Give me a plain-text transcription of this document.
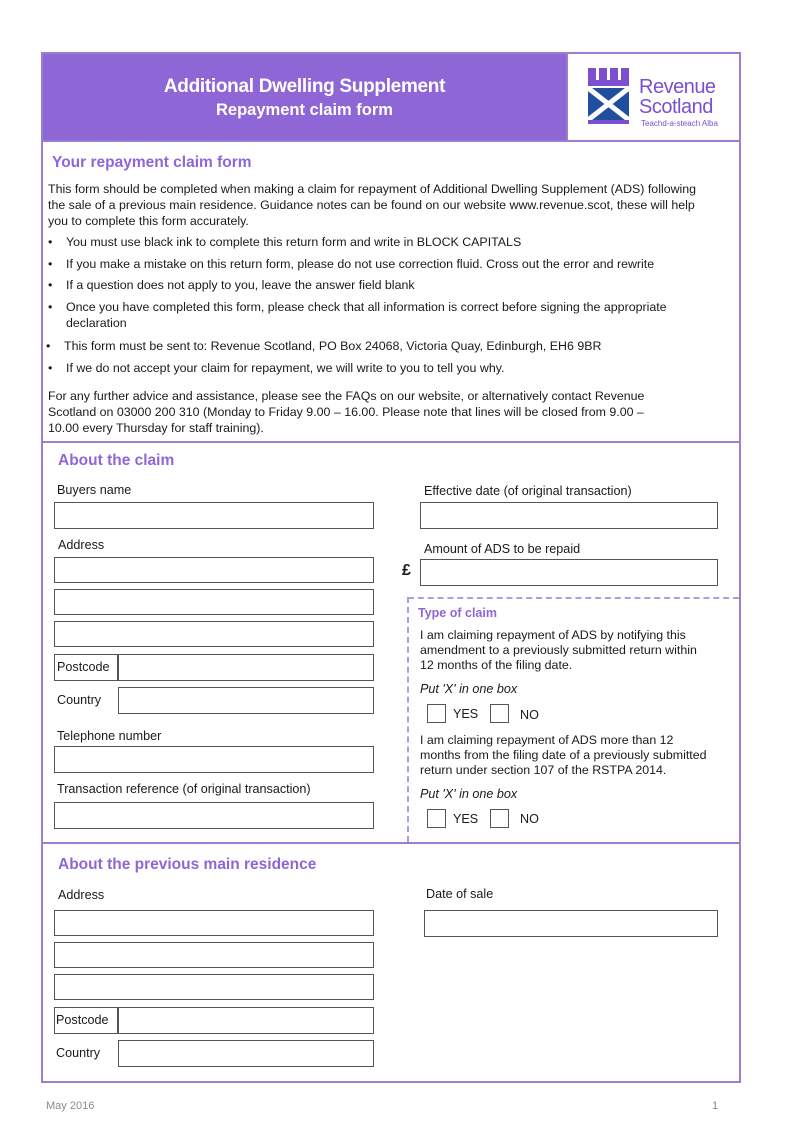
Additional Dwelling Supplement
Repayment claim form
Revenue
Scotland
Teachd-a-steach Alba
Your repayment claim form
This form should be completed when making a claim for repayment of Additional Dwelling Supplement (ADS) following
the sale of a previous main residence. Guidance notes can be found on our website www.revenue.scot, these will help
you to complete this form accurately.
• You must use black ink to complete this return form and write in BLOCK CAPITALS
• If you make a mistake on this return form, please do not use correction fluid. Cross out the error and rewrite
• If a question does not apply to you, leave the answer field blank
• Once you have completed this form, please check that all information is correct before signing the appropriate
declaration
• This form must be sent to: Revenue Scotland, PO Box 24068, Victoria Quay, Edinburgh, EH6 9BR
• If we do not accept your claim for repayment, we will write to you to tell you why.
For any further advice and assistance, please see the FAQs on our website, or alternatively contact Revenue
Scotland on 03000 200 310 (Monday to Friday 9.00 – 16.00. Please note that lines will be closed from 9.00 –
10.00 every Thursday for staff training).
About the claim
Buyers name
Address
Postcode
Country
Telephone number
Transaction reference (of original transaction)
Effective date (of original transaction)
Amount of ADS to be repaid
£
Type of claim
I am claiming repayment of ADS by notifying this
amendment to a previously submitted return within
12 months of the filing date.
Put 'X' in one box
YES	NO
I am claiming repayment of ADS more than 12
months from the filing date of a previously submitted
return under section 107 of the RSTPA 2014.
Put 'X' in one box
YES	NO
About the previous main residence
Address
Postcode
Country
Date of sale
May 2016	1
